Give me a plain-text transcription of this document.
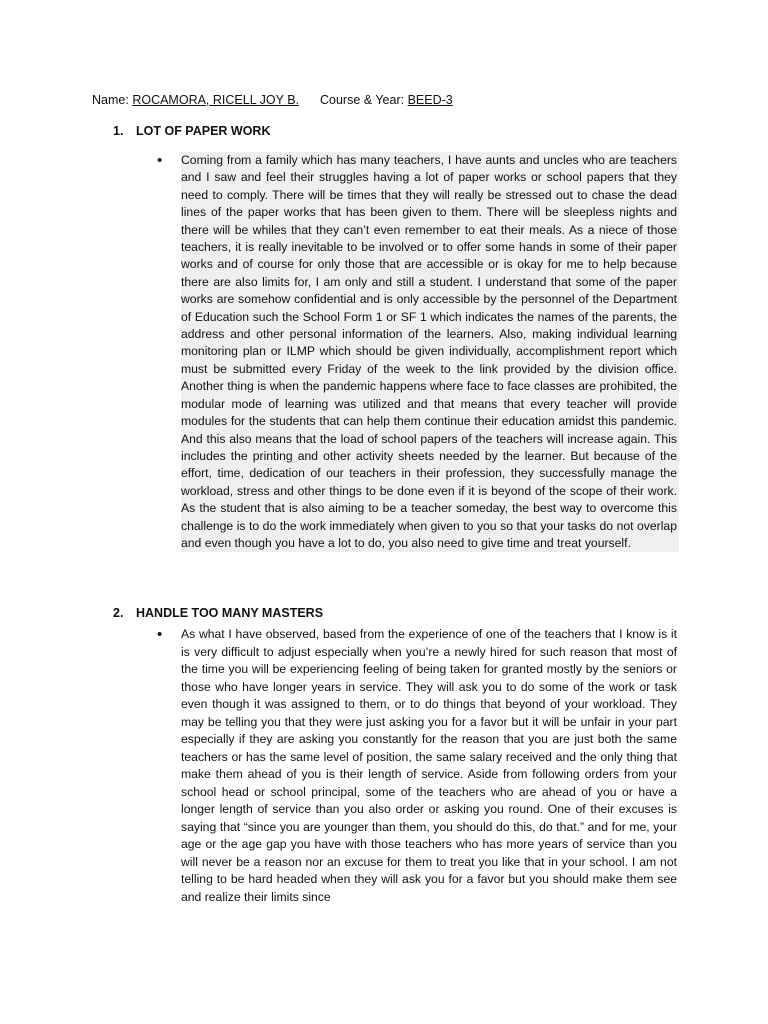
Name: ROCAMORA, RICELL JOY B. Course & Year: BEED-3
1. LOT OF PAPER WORK
• Coming from a family which has many teachers, I have aunts and uncles who are teachers and I saw and feel their struggles having a lot of paper works or school papers that they need to comply. There will be times that they will really be stressed out to chase the dead lines of the paper works that has been given to them. There will be sleepless nights and there will be whiles that they can’t even remember to eat their meals. As a niece of those teachers, it is really inevitable to be involved or to offer some hands in some of their paper works and of course for only those that are accessible or is okay for me to help because there are also limits for, I am only and still a student. I understand that some of the paper works are somehow confidential and is only accessible by the personnel of the Department of Education such the School Form 1 or SF 1 which indicates the names of the parents, the address and other personal information of the learners. Also, making individual learning monitoring plan or ILMP which should be given individually, accomplishment report which must be submitted every Friday of the week to the link provided by the division office. Another thing is when the pandemic happens where face to face classes are prohibited, the modular mode of learning was utilized and that means that every teacher will provide modules for the students that can help them continue their education amidst this pandemic. And this also means that the load of school papers of the teachers will increase again. This includes the printing and other activity sheets needed by the learner. But because of the effort, time, dedication of our teachers in their profession, they successfully manage the workload, stress and other things to be done even if it is beyond of the scope of their work. As the student that is also aiming to be a teacher someday, the best way to overcome this challenge is to do the work immediately when given to you so that your tasks do not overlap and even though you have a lot to do, you also need to give time and treat yourself.
2. HANDLE TOO MANY MASTERS
• As what I have observed, based from the experience of one of the teachers that I know is it is very difficult to adjust especially when you’re a newly hired for such reason that most of the time you will be experiencing feeling of being taken for granted mostly by the seniors or those who have longer years in service. They will ask you to do some of the work or task even though it was assigned to them, or to do things that beyond of your workload. They may be telling you that they were just asking you for a favor but it will be unfair in your part especially if they are asking you constantly for the reason that you are just both the same teachers or has the same level of position, the same salary received and the only thing that make them ahead of you is their length of service. Aside from following orders from your school head or school principal, some of the teachers who are ahead of you or have a longer length of service than you also order or asking you round. One of their excuses is saying that “since you are younger than them, you should do this, do that.” and for me, your age or the age gap you have with those teachers who has more years of service than you will never be a reason nor an excuse for them to treat you like that in your school. I am not telling to be hard headed when they will ask you for a favor but you should make them see and realize their limits since
